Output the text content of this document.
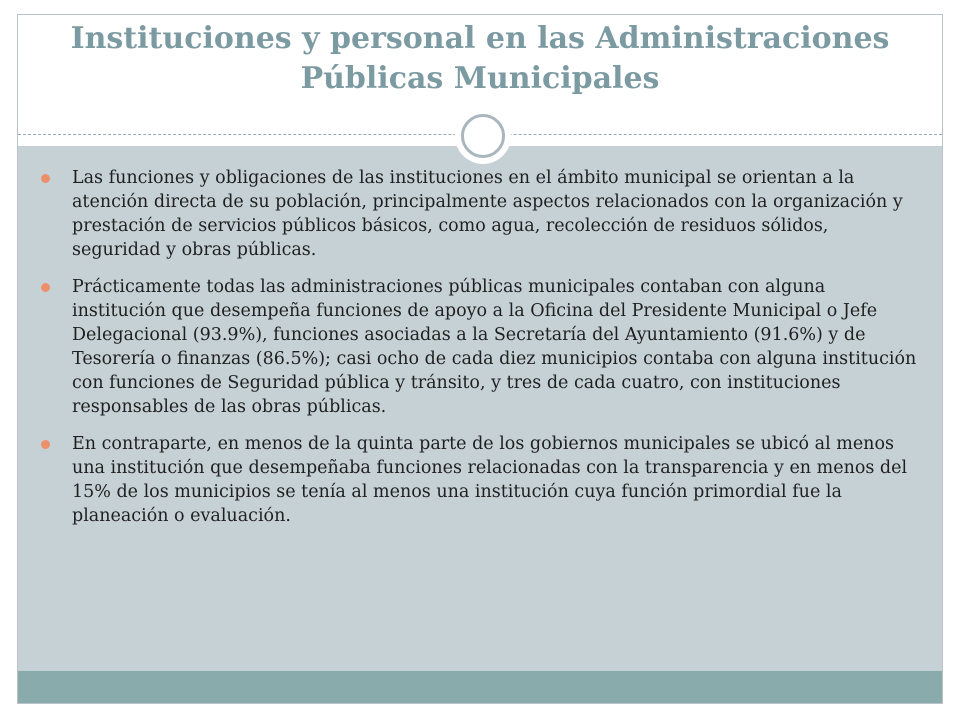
Instituciones y personal en las Administraciones
Públicas Municipales
Las funciones y obligaciones de las instituciones en el ámbito municipal se orientan a la atención directa de su población, principalmente aspectos relacionados con la organización y prestación de servicios públicos básicos, como agua, recolección de residuos sólidos, seguridad y obras públicas.
Prácticamente todas las administraciones públicas municipales contaban con alguna institución que desempeña funciones de apoyo a la Oficina del Presidente Municipal o Jefe Delegacional (93.9%), funciones asociadas a la Secretaría del Ayuntamiento (91.6%) y de Tesorería o finanzas (86.5%); casi ocho de cada diez municipios contaba con alguna institución con funciones de Seguridad pública y tránsito, y tres de cada cuatro, con instituciones responsables de las obras públicas.
En contraparte, en menos de la quinta parte de los gobiernos municipales se ubicó al menos una institución que desempeñaba funciones relacionadas con la transparencia y en menos del 15% de los municipios se tenía al menos una institución cuya función primordial fue la planeación o evaluación.
